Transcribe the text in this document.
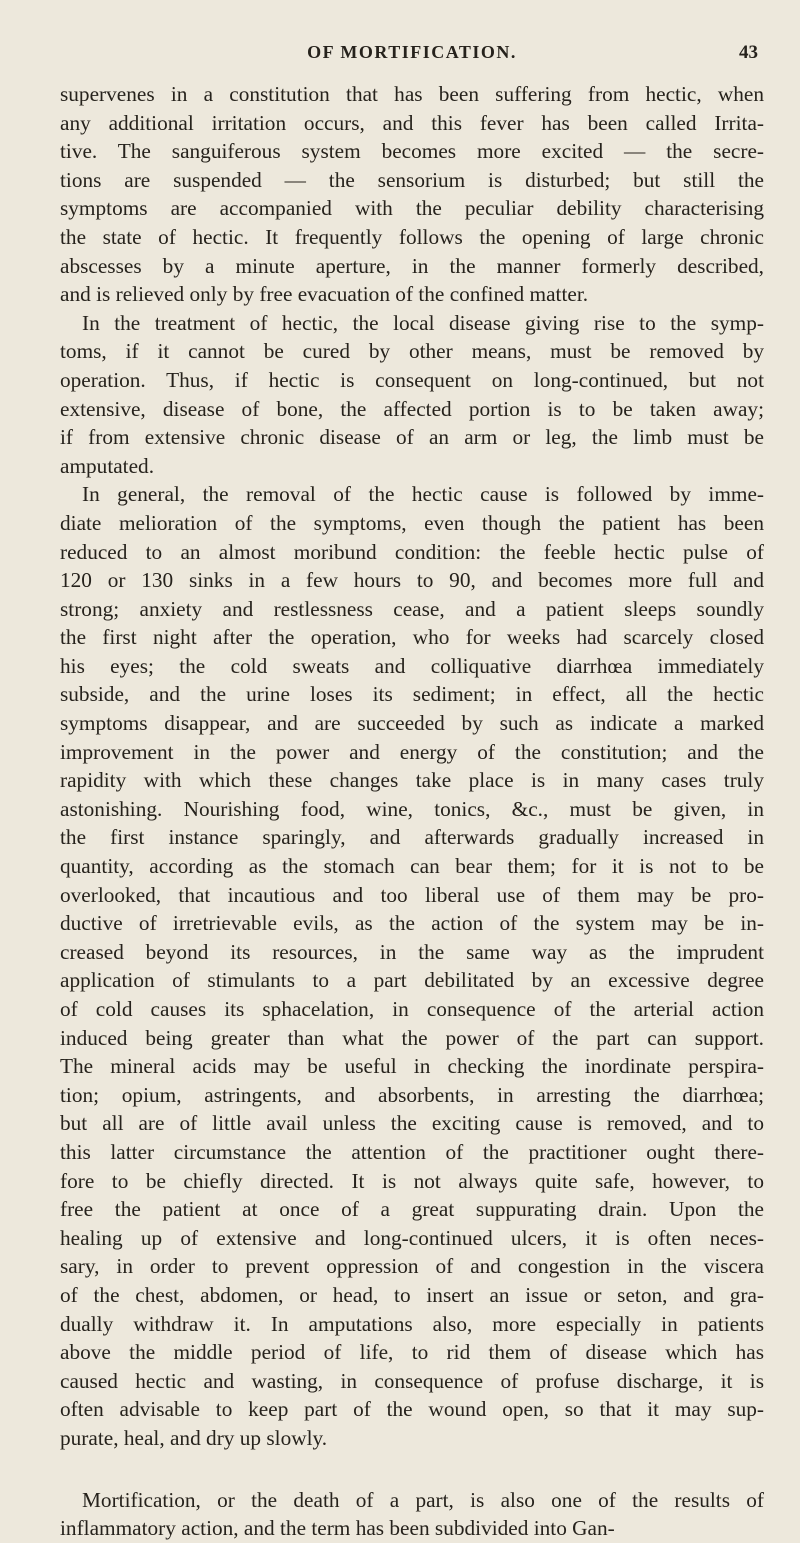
OF MORTIFICATION.	43
supervenes in a constitution that has been suffering from hectic, when
any additional irritation occurs, and this fever has been called Irrita-
tive. The sanguiferous system becomes more excited — the secre-
tions are suspended — the sensorium is disturbed; but still the
symptoms are accompanied with the peculiar debility characterising
the state of hectic. It frequently follows the opening of large chronic
abscesses by a minute aperture, in the manner formerly described,
and is relieved only by free evacuation of the confined matter.
In the treatment of hectic, the local disease giving rise to the symp-
toms, if it cannot be cured by other means, must be removed by
operation. Thus, if hectic is consequent on long-continued, but not
extensive, disease of bone, the affected portion is to be taken away;
if from extensive chronic disease of an arm or leg, the limb must be
amputated.
In general, the removal of the hectic cause is followed by imme-
diate melioration of the symptoms, even though the patient has been
reduced to an almost moribund condition: the feeble hectic pulse of
120 or 130 sinks in a few hours to 90, and becomes more full and
strong; anxiety and restlessness cease, and a patient sleeps soundly
the first night after the operation, who for weeks had scarcely closed
his eyes; the cold sweats and colliquative diarrhœa immediately
subside, and the urine loses its sediment; in effect, all the hectic
symptoms disappear, and are succeeded by such as indicate a marked
improvement in the power and energy of the constitution; and the
rapidity with which these changes take place is in many cases truly
astonishing. Nourishing food, wine, tonics, &c., must be given, in
the first instance sparingly, and afterwards gradually increased in
quantity, according as the stomach can bear them; for it is not to be
overlooked, that incautious and too liberal use of them may be pro-
ductive of irretrievable evils, as the action of the system may be in-
creased beyond its resources, in the same way as the imprudent
application of stimulants to a part debilitated by an excessive degree
of cold causes its sphacelation, in consequence of the arterial action
induced being greater than what the power of the part can support.
The mineral acids may be useful in checking the inordinate perspira-
tion; opium, astringents, and absorbents, in arresting the diarrhœa;
but all are of little avail unless the exciting cause is removed, and to
this latter circumstance the attention of the practitioner ought there-
fore to be chiefly directed. It is not always quite safe, however, to
free the patient at once of a great suppurating drain. Upon the
healing up of extensive and long-continued ulcers, it is often neces-
sary, in order to prevent oppression of and congestion in the viscera
of the chest, abdomen, or head, to insert an issue or seton, and gra-
dually withdraw it. In amputations also, more especially in patients
above the middle period of life, to rid them of disease which has
caused hectic and wasting, in consequence of profuse discharge, it is
often advisable to keep part of the wound open, so that it may sup-
purate, heal, and dry up slowly.
Mortification, or the death of a part, is also one of the results of
inflammatory action, and the term has been subdivided into Gan-
